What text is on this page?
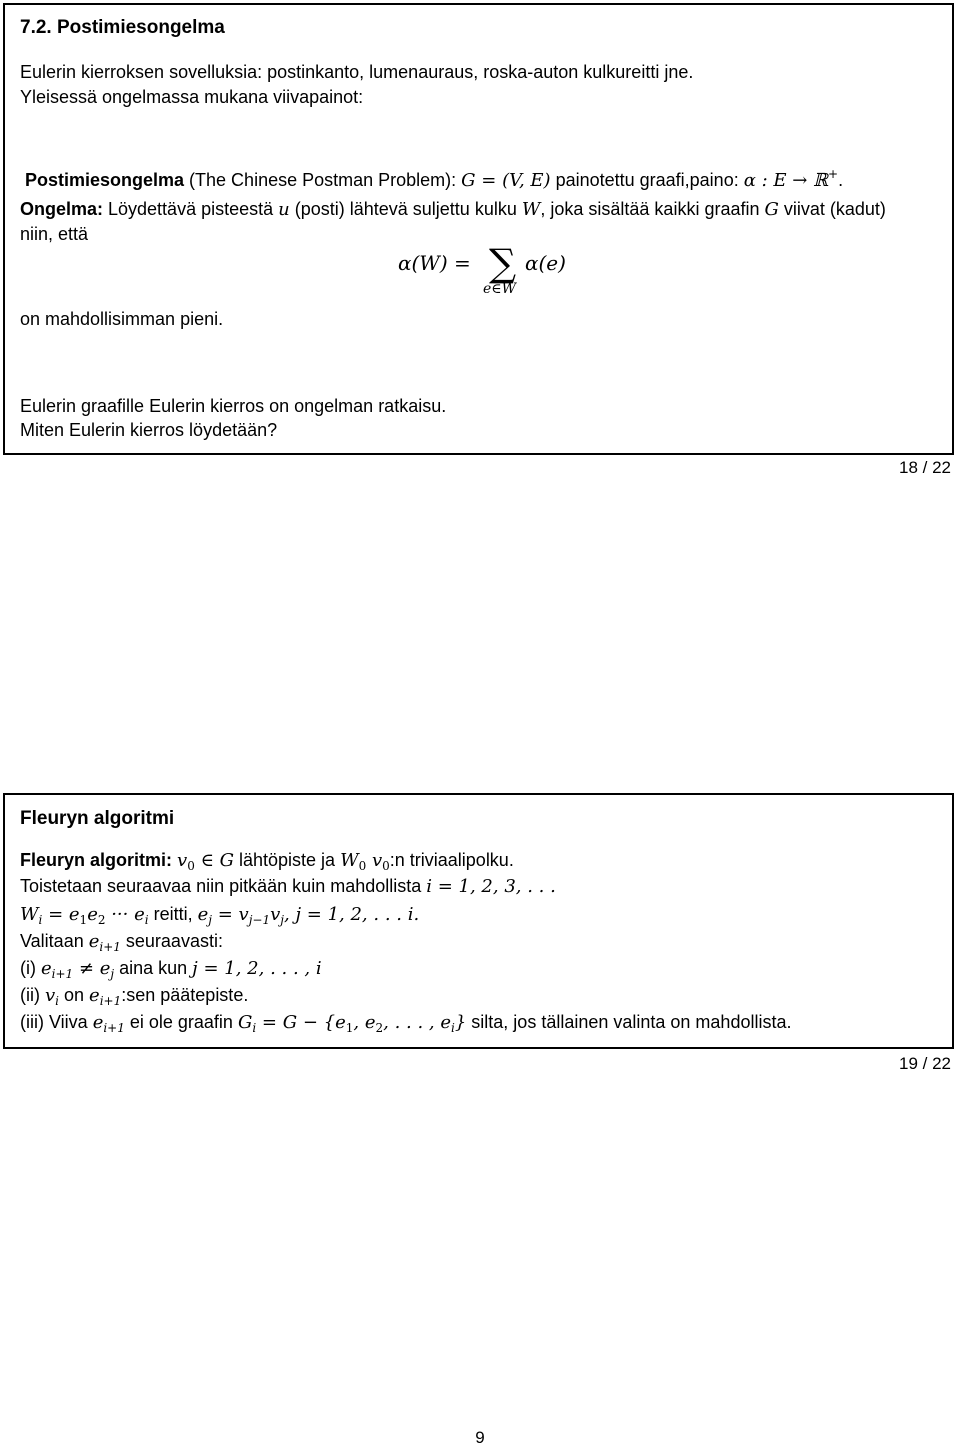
7.2. Postimiesongelma
Eulerin kierroksen sovelluksia: postinkanto, lumenauraus, roska-auton kulkureitti jne.
Yleisessä ongelmassa mukana viivapainot:
Postimiesongelma (The Chinese Postman Problem): G = (V, E) painotettu graafi,paino: α : E → ℝ+.
Ongelma: Löydettävä pisteestä u (posti) lähtevä suljettu kulku W, joka sisältää kaikki graafin G viivat (kadut)
niin, että
α(W) = ∑ α(e)
e∈W
on mahdollisimman pieni.
Eulerin graafille Eulerin kierros on ongelman ratkaisu.
Miten Eulerin kierros löydetään?
18 / 22
Fleuryn algoritmi
Fleuryn algoritmi: $v_0$ ∈ G lähtöpiste ja $W_0$ $v_0:n$ triviaalipolku.
Toistetaan seuraavaa niin pitkään kuin mahdollista i = 1, 2, 3, . . .
$W_i = e_1e_2$ ··· $e_i$ reitti, $e_j = v_{j-1}v_j$, j = 1, 2, . . . i.
Valitaan $e_{i+1}$ seuraavasti:
(i) $e_{i+1} \ne e_j$ aina kun j = 1, 2, . . . , i
(ii) $v_i$ on $e_{i+1}:sen$ päätepiste.
(iii) Viiva $e_{i+1}$ ei ole graafin $G_i = G - \{e_1$, $e_2$, . . . , $e_i$} silta, jos tällainen valinta on mahdollista.
19 / 22
9
